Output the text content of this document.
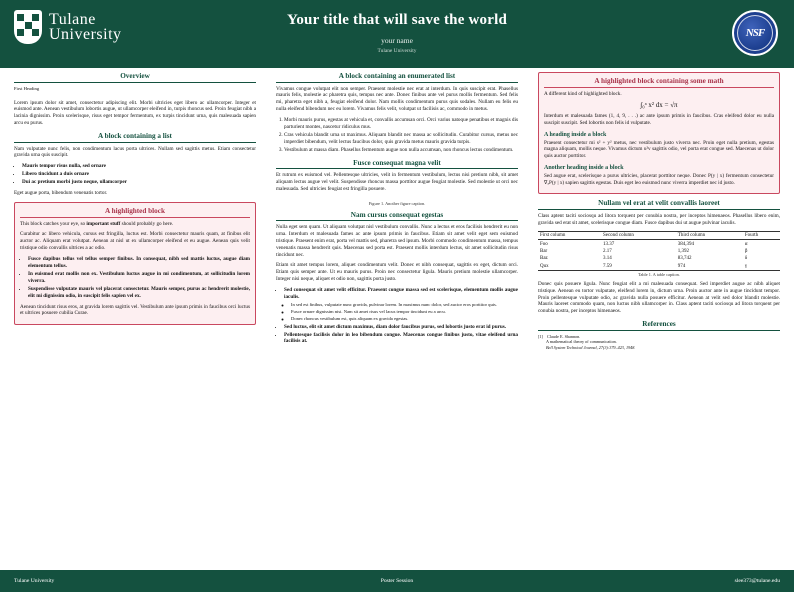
Tulane
University
Your title that will save the world
your name
Tulane University
NSF
Overview

First Heading

Lorem ipsum dolor sit amet, consectetur adipiscing elit. Morbi ultricies eget libero ac ullamcorper. Integer et euismod ante. Aenean vestibulum lobortis augue, ut ullamcorper eleifend in, turpis rhoncus sed. Proin feugiat nibh a lacinia dignissim. Proin scelerisque, risus eget tempor fermentum, ex turpis tincidunt urna, quis malesuada sapien arcu eu purus.

A block containing a list

Nam vulputate nunc felis, non condimentum lacus porta ultrices. Nullam sed sagittis metus. Etiam consectetur gravida urna quis suscipit.

• Mauris tempor risus nulla, sed ornare
• Libero tincidunt a duis ornare
• Dui ac pretium morbi justo neque, ullamcorper

Eget augue porta, bibendum venenatis tortor.

A highlighted block

This block catches your eye, so important stuff should probably go here.

Curabitur ac libero vehicula, cursus est fringilla, luctus est. Morbi consectetur mauris quam, at finibus elit auctor ac. Aliquam erat volutpat. Aenean at nisl ut ex ullamcorper eleifend et eu augue. Aenean quis velit tristique odio convallis ultrices a ac odio.

• Fusce dapibus tellus vel tellus semper finibus. In consequat, nibh sed mattis luctus, augue diam elementum tellus.
• In euismod erat mollis non ex. Vestibulum luctus augue in mi condimentum, at sollicitudin lorem viverra.
• Suspendisse vulputate mauris vel placerat consectetur. Mauris semper, purus ac hendrerit molestie, elit mi dignissim odio, in suscipit felis sapien vel ex.

Aenean tincidunt risus eros, at gravida lorem sagittis vel. Vestibulum ante ipsum primis in faucibus orci luctus et ultrices posuere cubilia Curae.

A block containing an enumerated list

Vivamus congue volutpat elit non semper. Praesent molestie nec erat at interdum. In quis suscipit erat. Phasellus mauris felis, molestie ac pharetra quis, tempus nec ante. Donec finibus ante vel purus mollis fermentum. Sed felis mi, pharetra eget nibh a, feugiat eleifend dolor. Nam mollis condimentum purus quis sodales. Nullam eu felis eu nulla eleifend bibendum nec eu lorem. Vivamus felis velit, volutpat ut facilisis ac, commodo in metus.

1. Morbi mauris purus, egestas at vehicula et, convallis accumsan orci. Orci varius natoque penatibus et magnis dis parturient montes, nascetur ridiculus mus.
2. Cras vehicula blandit urna ut maximus. Aliquam blandit nec massa ac sollicitudin. Curabitur cursus, metus nec imperdiet bibendum, velit lectus faucibus dolor, quis gravida metus mauris gravida turpis.
3. Vestibulum at massa diam. Phasellus fermentum augue non nulla accumsan, non rhoncus lectus condimentum.
Fusce consequat magna velit

Et rutrum ex euismod vel. Pellentesque ultricies, velit in fermentum vestibulum, lectus nisi pretium nibh, sit amet aliquam lectus augue vel velit. Suspendisse rhoncus massa porttitor augue feugiat molestie. Sed molestie ut orci nec malesuada. Sed ultricies feugiat est fringilla posuere.

Figure 1. Another figure caption.
Nam cursus consequat egestas

Nulla eget sem quam. Ut aliquam volutpat nisl vestibulum convallis. Nunc a lectus et eros facilisis hendrerit eu non urna. Interdum et malesuada fames ac ante ipsum primis in faucibus. Etiam sit amet velit eget sem euismod tristique. Praesent enim erat, porta vel mattis sed, pharetra sed ipsum. Morbi commodo condimentum massa, tempus venenatis massa hendrerit quis. Maecenas sed porta est. Praesent mollis interdum lectus, sit amet sollicitudin risus tincidunt nec.

Etiam sit amet tempus lorem, aliquet condimentum velit. Donec et nibh consequat, sagittis ex eget, dictum orci. Etiam quis semper ante. Ut eu mauris purus. Proin nec consectetur ligula. Mauris pretium molestie ullamcorper. Integer nisi neque, aliquet et odio non, sagittis porta justo.

• Sed consequat sit amet velit efficitur. Praesent congue massa sed est scelerisque, elementum mollis augue iaculis.
◦ In sed est finibus, vulputate nunc gravida, pulvinar lorem. In maximus nunc dolor, sed auctor eros porttitor quis.
◦ Fusce ornare dignissim nisi. Nam sit amet risus vel lacus tempor tincidunt eu a arcu.
◦ Donec rhoncus vestibulum est, quis aliquam ex gravida egestas.
• Sed luctus, elit sit amet dictum maximus, diam dolor faucibus purus, sed lobortis justo erat id purus.
• Pellentesque facilisis dolor in leo bibendum congue. Maecenas congue finibus justo, vitae eleifend urna facilisis at.
A highlighted block containing some math

A different kind of highlighted block.

∫₀ᵃ x² dx = √π

Interdum et malesuada fames (1, 4, 9, . . .) ac ante ipsum primis in faucibus. Cras eleifend dolor eu nulla suscipit suscipit. Sed lobortis non felis id vulputate.

A heading inside a block

Praesent consectetur mi s² + y² metus, nec vestibulum justo viverra nec. Proin eget nulla pretium, egestas magna aliquam, mollis neque. Vivamus dictum u²v sagittis odio, vel porta erat congue sed. Maecenas ut dolor quis auctor porttitor.

Another heading inside a block

Sed augue erat, scelerisque a purus ultricies, placerat porttitor neque. Donec P(y | x) fermentum consectetur ∇ₓP(y | x) sapien sagittis egestas. Duis eget leo euismod nunc viverra imperdiet nec id justo.

Nullam vel erat at velit convallis laoreet

Class aptent taciti sociosqu ad litora torquent per conubia nostra, per inceptos himenaeos. Phasellus libero enim, gravida sed erat sit amet, scelerisque congue diam. Fusce dapibus dui ut augue pulvinar iaculis.

First column	Second column	Third column	Fourth
Foo	13.37	384,394	α
Bar	2.17	1,392	β
Baz	3.14	83,742	δ
Qux	7.59	974	γ
Table 1. A table caption.

Donec quis posuere ligula. Nunc feugiat elit a mi malesuada consequat. Sed imperdiet augue ac nibh aliquet tristique. Aenean eu tortor vulputate, eleifend lorem in, dictum urna. Proin auctor ante in augue tincidunt tempor. Proin pellentesque vulputate odio, ac gravida nulla posuere efficitur. Aenean at velit sed dolor blandit molestie. Mauris laoreet commodo quam, non luctus nibh ullamcorper in. Class aptent taciti sociosqu ad litora torquent per conubia nostra, per inceptos himenaeos.

References
[1] Claude E. Shannon.
A mathematical theory of communication.
Bell System Technical Journal, 27(3):379–423, 1948.
Tulane University	Poster Session	slee373@tulane.edu
